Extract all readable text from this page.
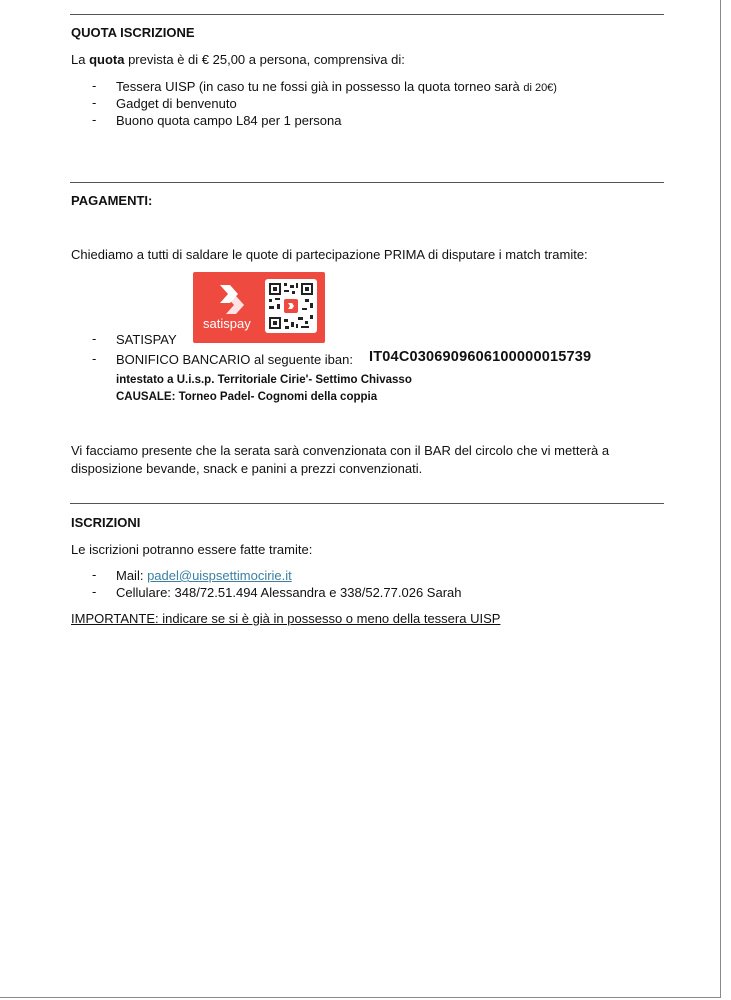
QUOTA ISCRIZIONE
La quota prevista è di € 25,00 a persona, comprensiva di:
- Tessera UISP (in caso tu ne fossi già in possesso la quota torneo sarà di 20€)
- Gadget di benvenuto
- Buono quota campo L84 per 1 persona
PAGAMENTI:
Chiediamo a tutti di saldare le quote di partecipazione PRIMA di disputare i match tramite:
satispay
- SATISPAY
- BONIFICO BANCARIO al seguente iban: IT04C0306909606100000015739
intestato a U.i.s.p. Territoriale Cirie'- Settimo Chivasso
CAUSALE: Torneo Padel- Cognomi della coppia
Vi facciamo presente che la serata sarà convenzionata con il BAR del circolo che vi metterà a
disposizione bevande, snack e panini a prezzi convenzionati.
ISCRIZIONI
Le iscrizioni potranno essere fatte tramite:
- Mail: padel@uispsettimocirie.it
- Cellulare: 348/72.51.494 Alessandra e 338/52.77.026 Sarah
IMPORTANTE: indicare se si è già in possesso o meno della tessera UISP
